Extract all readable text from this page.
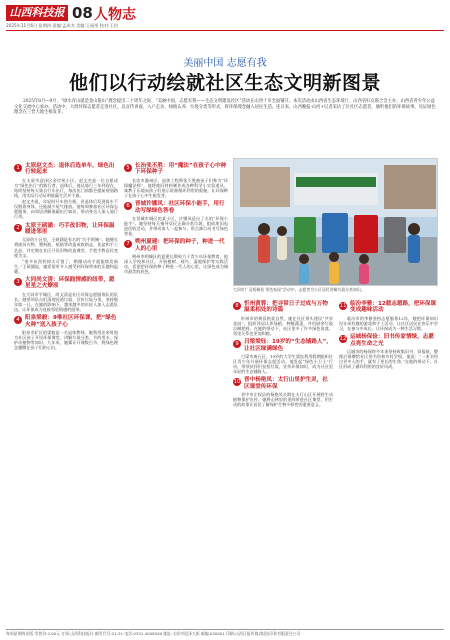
山西科技报 08 人物志
2025年11月6日 星期四 责编:孟成杰 美编:王丽彤 校对:王伯
美丽中国 志愿有我
他们以行动绘就社区生态文明新图景

2025年8月—9月，“绿水青山就是金山银山”理念提出二十周年之际，“美丽中国，志愿有我——生态文明建设社区”活动在山西十市全面铺开。本次活动由山西省生态环境厅、山西省妇女联合会主办，山西省青少年公益文化交流中心承办。活动中，大批环保志愿者走进社区，以宣传讲座、入户走访、绿植认养、垃圾分类等形式，将环保理念融入居民生活。连日来，山西晚报·山河+记者采访了位社区志愿者，倾听他们的环保故事。见证绿色理念在三晋大地生根发芽。

1 太原赵文杰：退休后选单车，绿色出行转起来

在太原市迎泽区金岸苑小区，赵文杰是一位自愿成为“绿色出行”的践行者。退休后，他从骑行三年到现在，始终坚持每天骑自行车出行，每次出门前都会提前规划路线，用实际行动证明低碳生活并不难。

赵文杰说，年轻时开车图方便，但退休后发现骑车不仅锻炼身体，还能减少尾气排放。他每周参加社区环保志愿服务，向邻居讲解低碳出行知识，带动身边人加入骑行行列。

2 太原王硕涵：巧手改旧物，让环保温暖进邻里

太原的小区里，王硕涵是有名的“巧手阿姨”。她擅长将废旧衣物、塑料瓶、纸箱等改造成收纳盒、花盆和手工艺品，并定期在社区开设旧物改造课堂，手把手教居民变废为宝。

“很多东西扔掉太可惜了，稍微动动手就能焕发新生。”王硕涵说，她希望更多人感受到环保带来的乐趣和温暖。

3 大同尚文清：环保践情感的纽带，愿星星之火燎原

在大同市平城区，尚文清是社区环保志愿服务队的队长。她带领队员们清理河道垃圾、宣传垃圾分类，坚持数年如一日。在她的影响下，越来越多的年轻人加入志愿队伍，让环保成为连接邻里情感的纽带。

4 阳泉梁毅：9堆社区环保课，把“绿色火种”送入孩子心

阳泉市矿区的梁毅是一名退休教师。她利用业余时间为社区孩子开设环保课堂，讲解垃圾分类、节约用水、保护动植物等知识。九年来，她累计开课数百节，将绿色理念播撒在孩子们的心田。

5 长治张丕胜：用“魔法”在孩子心中种下环保种子

长治市潞州区，退休工程师张丕胜被孩子们称为“环保魔法师”。他将废旧材料制作成各种科学小实验道具，寓教于乐地向孩子们展示资源循环利用的奥秘，让环保种子在孩子心中生根发芽。

6 晋城许娜凤：社区环保小能手，用行动写绿绿色答卷

在晋城市城区的某小区，许娜凤是出了名的“环保小能手”。她坚持每天指导居民正确分类垃圾，组织废旧电池回收活动，并带动家人一起参与，用点滴行动书写绿色答卷。

7 朔州夏建：把环保的种子，种进一代人的心里

朔州市朔城区的夏建长期致力于青少年环保教育。他深入学校和社区，开展植树、观鸟、湿地保护等实践活动，希望把环保的种子种进一代人的心里，让绿色成为城市最美的底色。

大同市广灵梧桐卷 领色家园“活动中，志愿者为小区居民讲解垃圾分类知识。
8 忻州黄蓉：把寻常日子过成与万物温柔相处的诗篇

忻州市的黄蓉热爱自然，她在社区带头建设“共享花园”，组织邻居认养绿植、种植蔬菜，并用厨余垃圾自制肥料。在她的带动下，社区里多了许多绿色角落，邻里关系也更加和睦。

9 吕梁梁钰：19岁的“生态铺路人”，让社区绿满绿色

吕梁市离石区，19岁的大学生梁钰利用假期组织社区青少年开展环保志愿活动。他发起“绿色小卫士”行动，带领伙伴们捡拾垃圾、宣传环保知识，成为社区里年轻的生态铺路人。

10 晋中杨艳凤：太行山里护生灵，社区课堂传环保

晋中市左权县的杨艳凤长期在太行山区开展野生动植物保护宣传。她将山林里的见闻带进社区课堂，用生动的故事让居民了解保护生物多样性的重要意义。

11 临汾李雅：12载志愿路，把环保课变成趣味活动

临汾市的李雅坚持志愿服务12年，她把环保知识设计成有趣的游戏和手工活动，让社区居民在快乐中学习，在参与中成长，让环保成为一种生活习惯。

12 运城杨保俭：旧书传家情绿，志愿点亮生命之光

运城市的杨保俭多年来坚持收集旧书、旧报纸，整理后捐赠给社区图书角和乡村学校。他说：“一本书经过更多人的手，就有了更长的生命。”在他的带动下，社区形成了循环利用的良好风尚。

每周星期四出版 零售价:2.00元 订阅:山西科技报社 邮发代号:21-51 电话:0351-4048500 地址:太原市迎泽大街 邮编:030001 印刷:山西日报传媒(集团)印务有限责任公司
